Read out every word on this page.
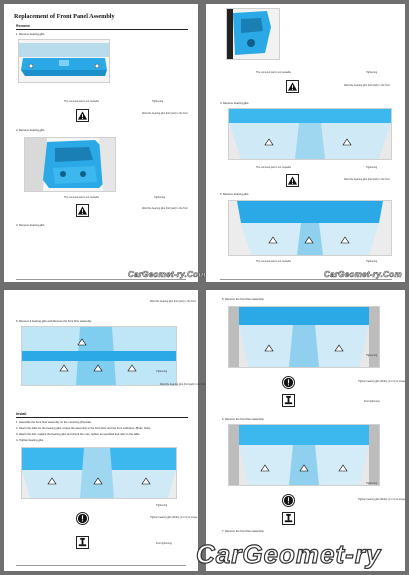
Replacement of Front Panel Assembly
Remove
1. Remove bearing gibs.
The removed part is not reusable	Tightening
Weld the bearing gibs (bolt part) in the Tool
2. Remove bearing gibs.
The removed part is not reusable	Tightening
Weld the bearing gibs (bolt part) in the Tool
3. Remove bearing gibs.
CarGeomet-ry.Com
The removed part is not reusable	Tightening
Weld the bearing gibs (bolt part) in the Tool
4. Remove bearing gibs.
The removed part is not reusable	Tightening
Weld the bearing gibs (bolt part) in the Tool
5. Remove bearing gibs.
The removed part is not reusable	Tightening
CarGeomet-ry.Com
Weld the bearing gibs (bolt part) in the Tool
6. Remove 4 bearing gibs and Remove the front floor assembly.
Tightening
Weld the bearing gibs (bolt part) in the Tool
Install
1. Assemble the front floor assembly on the mounting (Provide).
2. Attach the bolts for the bearing gibs; torque the assembly to the front floor and the front subframe. (Bolts, Nuts)
3. Attach the bolt, replace the bearing gibs and check the nuts, tighten as specified and refer to the table.
4. Tighten bearing gibs.
Tightening
Tighten bearing gibs (Bolts) (1 to 3) to torque
First tightening
5. Remove the front floor assembly.
Tightening
Tighten bearing gibs (Bolts) (1 to 3) to torque
First tightening
6. Remove the front floor assembly.
Tightening
Tighten bearing gibs (Bolts) (1 to 3) to torque
7. Remove the front floor assembly.
CarGeomet-ry
